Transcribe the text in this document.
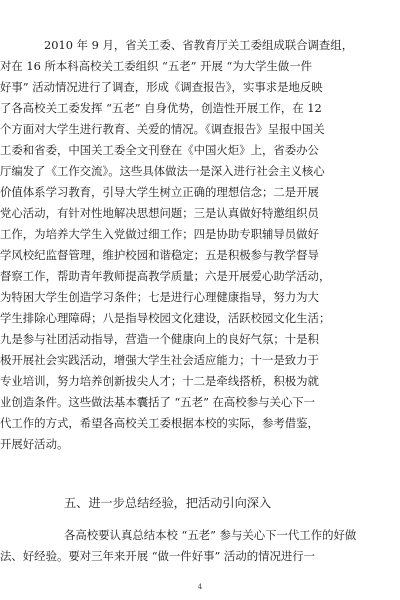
2010 年 9 月，省关工委、省教育厅关工委组成联合调查组，
对在 16 所本科高校关工委组织 “五老” 开展 “为大学生做一件
好事” 活动情况进行了调查，形成《调查报告》，实事求是地反映
了各高校关工委发挥 “五老” 自身优势，创造性开展工作，在 12
个方面对大学生进行教育、关爱的情况。《调查报告》呈报中国关
工委和省委，中国关工委全文刊登在《中国火炬》上，省委办公
厅编发了《工作交流》。这些具体做法一是深入进行社会主义核心
价值体系学习教育，引导大学生树立正确的理想信念；二是开展
党心活动，有针对性地解决思想问题；三是认真做好特邀组织员
工作，为培养大学生入党做过细工作；四是协助专职辅导员做好
学风校纪监督管理，维护校园和谐稳定；五是积极参与教学督导
督察工作，帮助青年教师提高教学质量；六是开展爱心助学活动，
为特困大学生创造学习条件；七是进行心理健康指导，努力为大
学生排除心理障碍；八是指导校园文化建设，活跃校园文化生活；
九是参与社团活动指导，营造一个健康向上的良好气氛；十是积
极开展社会实践活动，增强大学生社会适应能力；十一是致力于
专业培训，努力培养创新拔尖人才；十二是牵线搭桥，积极为就
业创造条件。这些做法基本囊括了 “五老” 在高校参与关心下一
代工作的方式，希望各高校关工委根据本校的实际，参考借鉴，
开展好活动。
五、进一步总结经验，把活动引向深入
各高校要认真总结本校 “五老” 参与关心下一代工作的好做
法、好经验。要对三年来开展 “做一件好事” 活动的情况进行一
4
